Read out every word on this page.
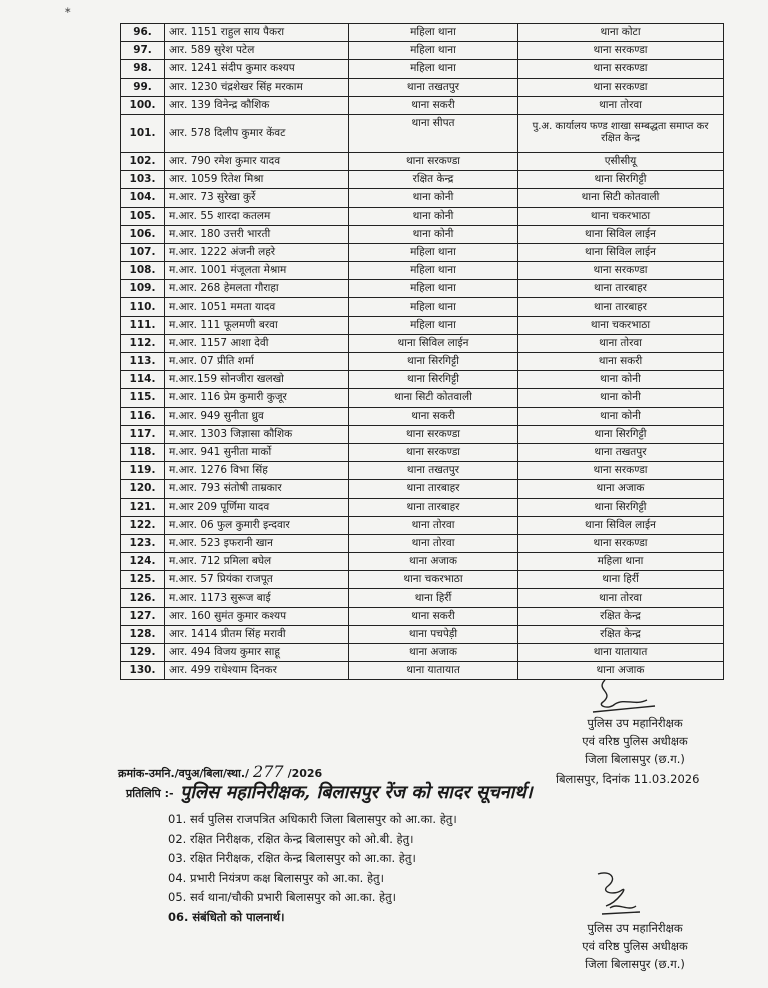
∗
96.	आर. 1151 राहुल साय पैकरा	महिला थाना	थाना कोटा
97.	आर. 589 सुरेश पटेल	महिला थाना	थाना सरकण्डा
98.	आर. 1241 संदीप कुमार कश्यप	महिला थाना	थाना सरकण्डा
99.	आर. 1230 चंद्रशेखर सिंह मरकाम	थाना तखतपुर	थाना सरकण्डा
100.	आर. 139 विनेन्द्र कौशिक	थाना सकरी	थाना तोरवा
101.	आर. 578 दिलीप कुमार केंवट	थाना सीपत	पु.अ. कार्यालय फण्ड शाखा सम्बद्धता समाप्त कर रक्षित केन्द्र
102.	आर. 790 रमेश कुमार यादव	थाना सरकण्डा	एसीसीयू
103.	आर. 1059 रितेश मिश्रा	रक्षित केन्द्र	थाना सिरगिट्टी
104.	म.आर. 73 सुरेखा कुर्रे	थाना कोनी	थाना सिटी कोतवाली
105.	म.आर. 55 शारदा कतलम	थाना कोनी	थाना चकरभाठा
106.	म.आर. 180 उत्तरी भारती	थाना कोनी	थाना सिविल लाईन
107.	म.आर. 1222 अंजनी लहरे	महिला थाना	थाना सिविल लाईन
108.	म.आर. 1001 मंजूलता मेश्राम	महिला थाना	थाना सरकण्डा
109.	म.आर. 268 हेमलता गौराहा	महिला थाना	थाना तारबाहर
110.	म.आर. 1051 ममता यादव	महिला थाना	थाना तारबाहर
111.	म.आर. 111 फूलमणी बरवा	महिला थाना	थाना चकरभाठा
112.	म.आर. 1157 आशा देवी	थाना सिविल लाईन	थाना तोरवा
113.	म.आर. 07 प्रीति शर्मा	थाना सिरगिट्टी	थाना सकरी
114.	म.आर.159 सोनजीरा खलखो	थाना सिरगिट्टी	थाना कोनी
115.	म.आर. 116 प्रेम कुमारी कुजूर	थाना सिटी कोतवाली	थाना कोनी
116.	म.आर. 949 सुनीता ध्रुव	थाना सकरी	थाना कोनी
117.	म.आर. 1303 जिज्ञासा कौशिक	थाना सरकण्डा	थाना सिरगिट्टी
118.	म.आर. 941 सुनीता मार्को	थाना सरकण्डा	थाना तखतपुर
119.	म.आर. 1276 विभा सिंह	थाना तखतपुर	थाना सरकण्डा
120.	म.आर. 793 संतोषी ताम्रकार	थाना तारबाहर	थाना अजाक
121.	म.आर 209 पूर्णिमा यादव	थाना तारबाहर	थाना सिरगिट्टी
122.	म.आर. 06 फुल कुमारी इन्दवार	थाना तोरवा	थाना सिविल लाईन
123.	म.आर. 523 इफरानी खान	थाना तोरवा	थाना सरकण्डा
124.	म.आर. 712 प्रमिला बघेल	थाना अजाक	महिला थाना
125.	म.आर. 57 प्रियंका राजपूत	थाना चकरभाठा	थाना हिर्री
126.	म.आर. 1173 सुरूज बाई	थाना हिर्री	थाना तोरवा
127.	आर. 160 सुमंत कुमार कश्यप	थाना सकरी	रक्षित केन्द्र
128.	आर. 1414 प्रीतम सिंह मरावी	थाना पचपेड़ी	रक्षित केन्द्र
129.	आर. 494 विजय कुमार साहू	थाना अजाक	थाना यातायात
130.	आर. 499 राधेश्याम दिनकर	थाना यातायात	थाना अजाक
पुलिस उप महानिरीक्षक
एवं वरिष्ठ पुलिस अधीक्षक
जिला बिलासपुर (छ.ग.)
क्रमांक-उमनि./वपुअ/बिला/स्था./ 277 /2026	बिलासपुर, दिनांक 11.03.2026
प्रतिलिपि :- पुलिस महानिरीक्षक, बिलासपुर रेंज को सादर सूचनार्थ।
01. सर्व पुलिस राजपत्रित अधिकारी जिला बिलासपुर को आ.का. हेतु।
02. रक्षित निरीक्षक, रक्षित केन्द्र बिलासपुर को ओ.बी. हेतु।
03. रक्षित निरीक्षक, रक्षित केन्द्र बिलासपुर को आ.का. हेतु।
04. प्रभारी नियंत्रण कक्ष बिलासपुर को आ.का. हेतु।
05. सर्व थाना/चौकी प्रभारी बिलासपुर को आ.का. हेतु।
06. संबंधितो को पालनार्थ।
पुलिस उप महानिरीक्षक
एवं वरिष्ठ पुलिस अधीक्षक
जिला बिलासपुर (छ.ग.)
